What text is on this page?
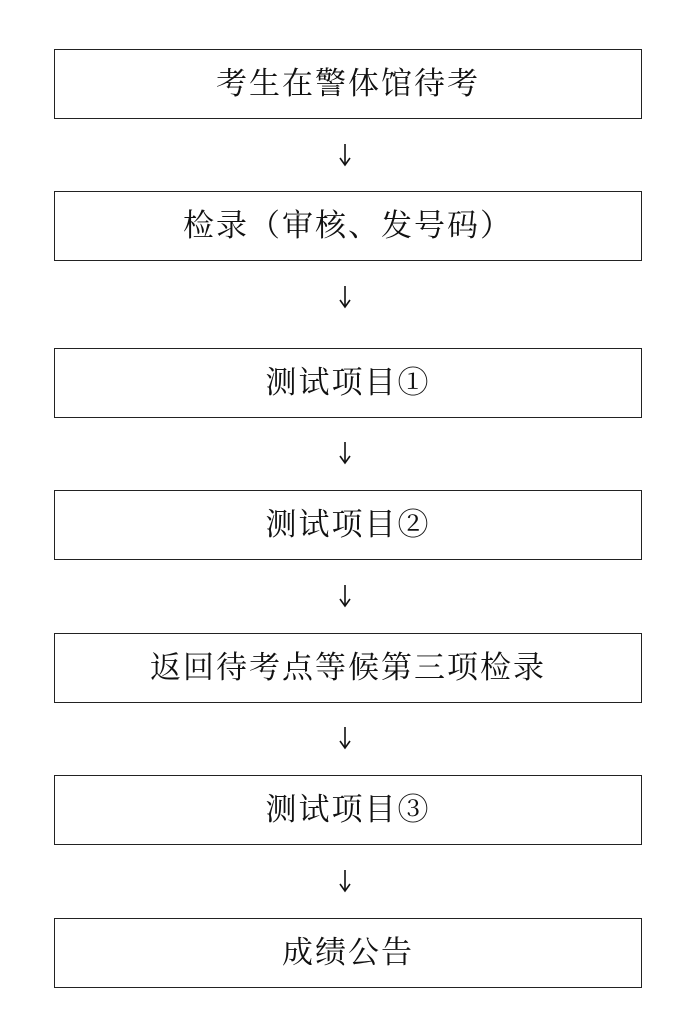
考生在警体馆待考
检录（审核、发号码）
测试项目①
测试项目②
返回待考点等候第三项检录
测试项目③
成绩公告
